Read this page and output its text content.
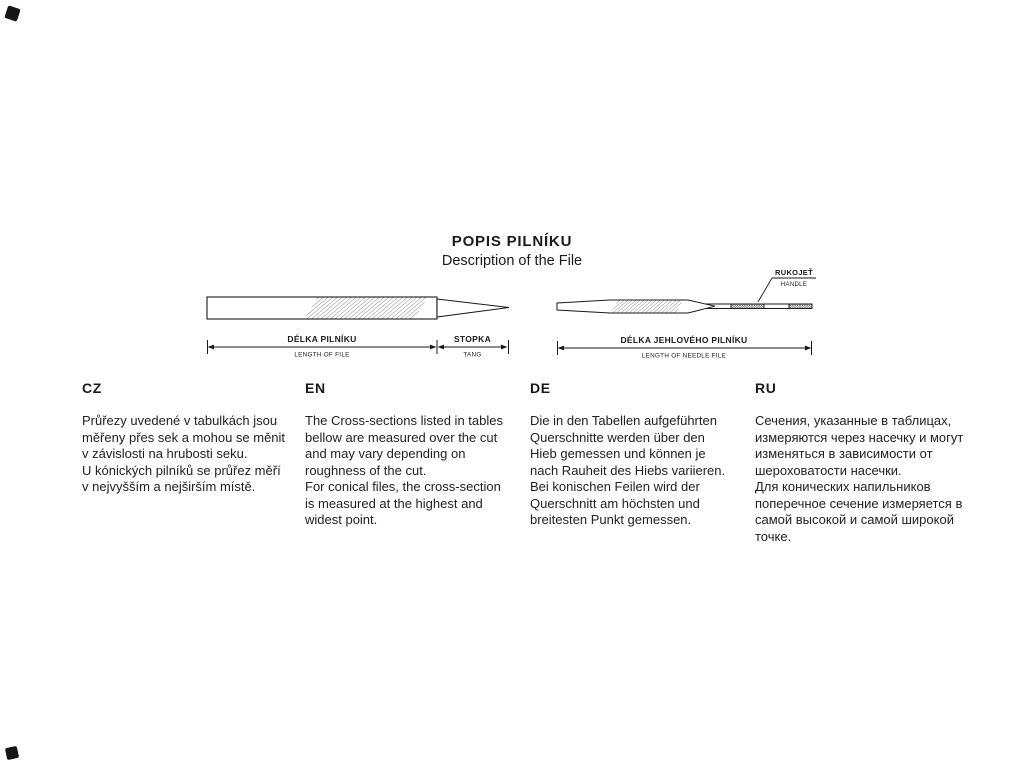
POPIS PILNÍKU
Description of the File
DÉLKA PILNÍKU
LENGTH OF FILE
STOPKA
TANG
RUKOJEŤ
HANDLE
DÉLKA JEHLOVÉHO PILNÍKU
LENGTH OF NEEDLE FILE
CZ

Průřezy uvedené v tabulkách jsou měřeny přes sek a mohou se měnit v závislosti na hrubosti seku.

U kónických pilníků se průřez měří v nejvyšším a nejširším místě.

EN

The Cross-sections listed in tables bellow are measured over the cut and may vary depending on roughness of the cut.

For conical files, the cross-section is measured at the highest and widest point.

DE

Die in den Tabellen aufgeführten Querschnitte werden über den Hieb gemessen und können je nach Rauheit des Hiebs variieren.

Bei konischen Feilen wird der Querschnitt am höchsten und breitesten Punkt gemessen.

RU

Сечения, указанные в таблицах, измеряются через насечку и могут изменяться в зависимости от шероховатости насечки.

Для конических напильников поперечное сечение измеряется в самой высокой и самой широкой точке.
